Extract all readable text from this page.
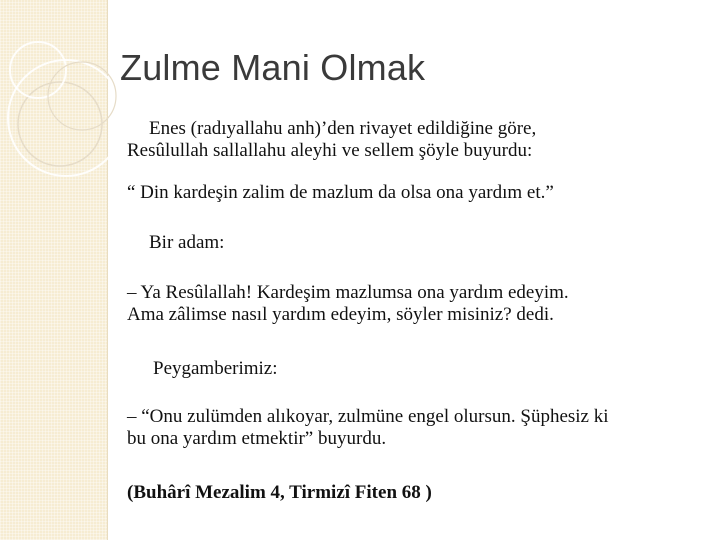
Zulme Mani Olmak
Enes (radıyallahu anh)’den rivayet edildiğine göre,
Resûlullah sallallahu aleyhi ve sellem şöyle buyurdu:
“ Din kardeşin zalim de mazlum da olsa ona yardım et.”
Bir adam:
– Ya Resûlallah! Kardeşim mazlumsa ona yardım edeyim.
Ama zâlimse nasıl yardım edeyim, söyler misiniz? dedi.
Peygamberimiz:
– “Onu zulümden alıkoyar, zulmüne engel olursun. Şüphesiz ki
bu ona yardım etmektir” buyurdu.
(Buhârî Mezalim 4, Tirmizî Fiten 68 )
